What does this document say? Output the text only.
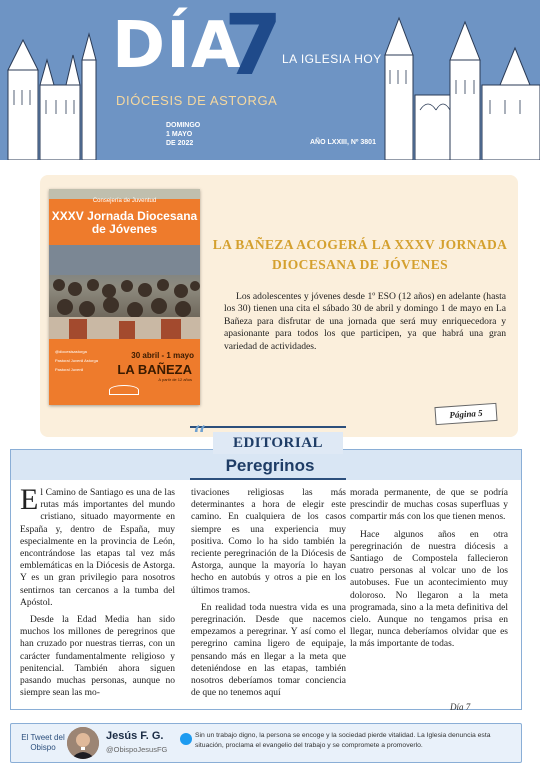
DÍA
7 LA IGLESIA HOY
DIÓCESIS DE ASTORGA
DOMINGO
1 MAYO
DE 2022	AÑO LXXIII, Nº 3801
Consejería de Juventud
XXXV Jornada Diocesana de Jóvenes
@diocesisastorga
Pastoral Juvenil Astorga
Pastoral Juvenil
30 abril - 1 mayo
LA BAÑEZA
A partir de 12 años
LA BAÑEZA ACOGERÁ LA XXXV JORNADA DIOCESANA DE JÓVENES

Los adolescentes y jóvenes desde 1º ESO (12 años) en adelante (hasta los 30) tienen una cita el sábado 30 de abril y domingo 1 de mayo en La Bañeza para disfrutar de una jornada que será muy enriquecedora y apasionante para todos los que participen, ya que habrá una gran variedad de actividades.

Página 5
“	EDITORIAL
Peregrinos

El Camino de Santiago es una de las rutas más importantes del mundo cristiano, situado mayormente en España y, dentro de España, muy especialmente en la provincia de León, encontrándose las etapas tal vez más emblemáticas en la Diócesis de Astorga. Y es un gran privilegio para nosotros sentirnos tan cercanos a la tumba del Apóstol.

Desde la Edad Media han sido muchos los millones de peregrinos que han cruzado por nuestras tierras, con un carácter fundamentalmente religioso y penitencial. También ahora siguen pasando muchas personas, aunque no siempre sean las mo-

tivaciones religiosas las más determinantes a hora de elegir este camino. En cualquiera de los casos siempre es una experiencia muy positiva. Como lo ha sido también la reciente peregrinación de la Diócesis de Astorga, aunque la mayoría lo hayan hecho en autobús y otros a pie en los últimos tramos.

En realidad toda nuestra vida es una peregrinación. Desde que nacemos empezamos a peregrinar. Y así como el peregrino camina ligero de equipaje, pensando más en llegar a la meta que deteniéndose en las etapas, también nosotros deberíamos tomar conciencia de que no tenemos aquí

morada permanente, de que se podría prescindir de muchas cosas superfluas y compartir más con los que tienen menos.

Hace algunos años en otra peregrinación de nuestra diócesis a Santiago de Compostela fallecieron cuatro personas al volcar uno de los autobuses. Fue un acontecimiento muy doloroso. No llegaron a la meta programada, sino a la meta definitiva del cielo. Aunque no tengamos prisa en llegar, nunca deberíamos olvidar que es la más importante de todas.

Día 7
El Tweet del Obispo
Jesús F. G.
@ObispoJesusFG
Sin un trabajo digno, la persona se encoge y la sociedad pierde vitalidad. La Iglesia denuncia esta situación, proclama el evangelio del trabajo y se compromete a promoverlo.
